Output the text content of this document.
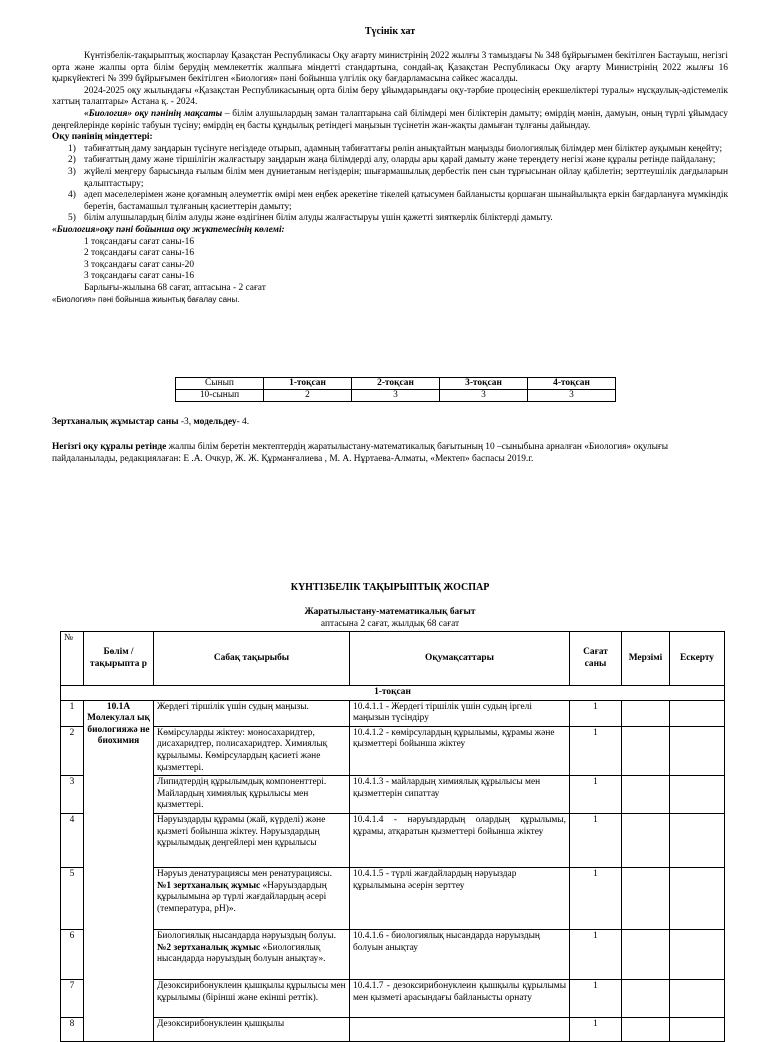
Түсінік хат

Күнтізбелік-тақырыптық жоспарлау Қазақстан Республикасы Оқу ағарту министрінің 2022 жылғы 3 тамыздағы № 348 бұйрығымен бекітілген Бастауыш, негізгі орта және жалпы орта білім берудің мемлекеттік жалпыға міндетті стандартына, сондай-ақ Қазақстан Республикасы Оқу ағарту Министрінің 2022 жылғы 16 қыркүйектегі № 399 бұйрығымен бекітілген «Биология» пәні бойынша үлгілік оқу бағдарламасына сәйкес жасалды.

2024-2025 оқу жылындағы «Қазақстан Республикасының орта білім беру ұйымдарындағы оқу-тәрбие процесінің ерекшеліктері туралы» нұсқаулық-әдістемелік хаттың талаптары» Астана қ. - 2024.

«Биология» оқу пәнінің мақсаты – білім алушылардың заман талаптарына сай білімдері мен біліктерін дамыту; өмірдің мәнін, дамуын, оның түрлі ұйымдасу деңгейлерінде көрініс табуын түсіну; өмірдің ең басты құндылық ретіндегі маңызын түсінетін жан-жақты дамыған тұлғаны дайындау.

Оқу пәнінің міндеттері:

1) табиғаттың даму заңдарын түсінуге негіздеде отырып, адамның табиғаттағы рөлін анықтайтын маңызды биологиялық білімдер мен біліктер ауқымын кеңейту;
2) табиғаттың даму және тіршілігін жалғастыру заңдарын жаңа білімдерді алу, оларды ары қарай дамыту және тереңдету негізі және құралы ретінде пайдалану;
3) жүйелі меңгеру барысында ғылым білім мен дүниетаным негіздерін; шығармашылық дербестік пен сын тұрғысынан ойлау қабілетін; зерттеушілік дағдыларын қалыптастыру;
4) әдеп мәселелерімен және қоғамның әлеуметтік өмірі мен еңбек әрекетіне тікелей қатысумен байланысты қоршаған шынайылықта еркін бағдарлануға мүмкіндік беретін, бастамашыл тұлғаның қасиеттерін дамыту;
5) білім алушылардың білім алуды және өздігінен білім алуды жалғастыруы үшін қажетті зияткерлік біліктерді дамыту.

«Биология»оқу пәні бойынша оқу жүктемесінің көлемі:

1 тоқсандағы сағат саны-16

2 тоқсандағы сағат саны-16

3 тоқсандағы сағат саны-20

3 тоқсандағы сағат саны-16

Барлығы-жылына 68 сағат, аптасына - 2 сағат

«Биология» пәні бойынша жиынтық бағалау саны.

Сынып	1-тоқсан	2-тоқсан	3-тоқсан	4-тоқсан
10-сынып	2	3	3	3

Зертханалық жұмыстар саны -3, модельдеу- 4.

Негізгі оқу құралы ретінде жалпы білім беретін мектептердің жаратылыстану-математикалық бағытының 10 –сыныбына арналған «Биология» оқулығы пайдаланылады, редакциялаған: Е .А. Очкур, Ж. Ж. Құрманғалиева , М. А. Нұртаева-Алматы, «Мектеп» баспасы 2019.г.

КҮНТІЗБЕЛІК ТАҚЫРЫПТЫҚ ЖОСПАР
Жаратылыстану-математикалық бағыт
аптасына 2 сағат, жылдық 68 сағат
№	Бөлім / тақырыпта р	Сабақ тақырыбы	Оқумақсаттары	Сағат саны	Мерзімі	Ескерту
1-тоқсан						
1	10.1А Молекулал ық биологияжә не биохимия	Жердегі тіршілік үшін судың маңызы.	10.4.1.1 - Жердегі тіршілік үшін судың іргелі маңызын түсіндіру	1		
2		Көмірсуларды жіктеу: моносахаридтер, дисахаридтер, полисахаридтер. Химиялық құрылымы. Көмірсулардың қасиеті және қызметтері.	10.4.1.2 - көмірсулардың құрылымы, құрамы және қызметтері бойынша жіктеу	1		
3		Липидтердің құрылымдық компоненттері. Майлардың химиялық құрылысы мен қызметтері.	10.4.1.3 - майлардың химиялық құрылысы мен қызметтерін сипаттау	1		
4		Нәруыздарды құрамы (жай, күрделі) және қызметі бойынша жіктеу. Нәруыздардың құрылымдық деңгейлері мен құрылысы	10.4.1.4 - нәруыздардың олардың құрылымы, құрамы, атқаратын қызметтері бойынша жіктеу	1		
5		Нәруыз денатурациясы мен ренатурациясы. №1 зертханалық жұмыс «Нәруыздардың құрылымына әр түрлі жағдайлардың әсері (температура, рН)».	10.4.1.5 - түрлі жағдайлардың нәруыздар құрылымына әсерін зерттеу	1		
6		Биологиялық нысандарда нәруыздың болуы.№2 зертханалық жұмыс «Биологиялық нысандарда нәруыздың болуын анықтау».	10.4.1.6 - биологиялық нысандарда нәруыздың болуын анықтау	1		
7		Дезоксирибонуклеин қышқылы құрылысы мен құрылымы (бірінші және екінші реттік).	10.4.1.7 - дезоксирибонуклеин қышқылы құрылымы мен қызметі арасындағы байланысты орнату	1		
8		Дезоксирибонуклеин қышқылы		1		
